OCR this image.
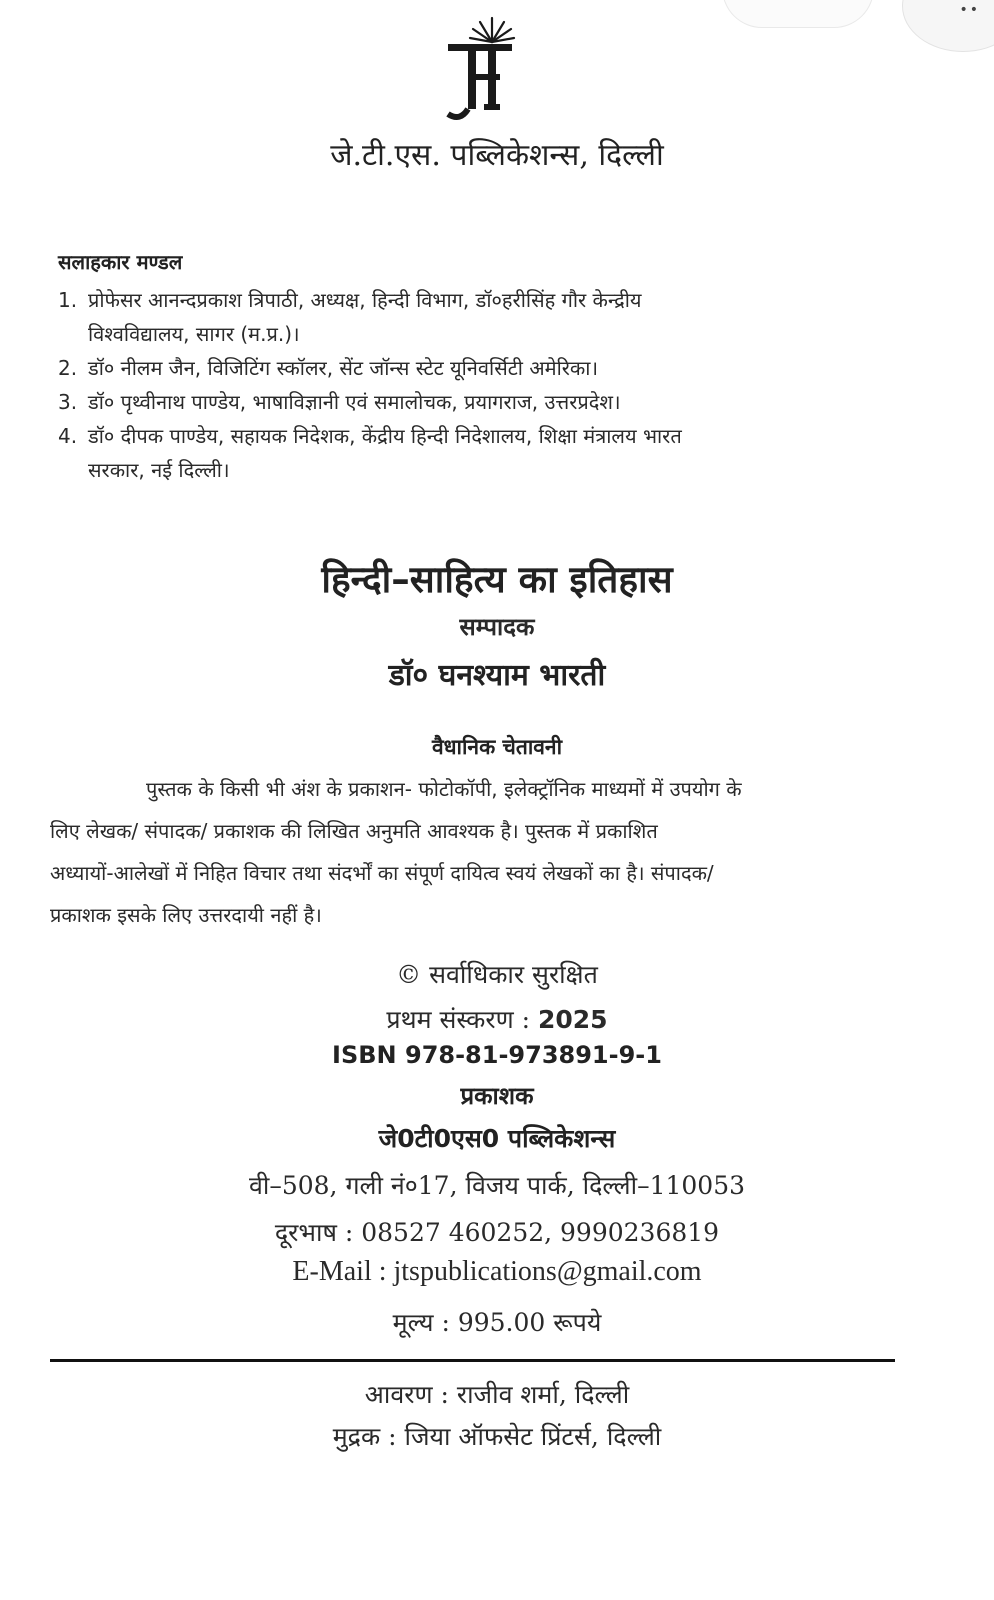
••
जे.टी.एस. पब्लिकेशन्स, दिल्ली
सलाहकार मण्डल
1. प्रोफेसर आनन्दप्रकाश त्रिपाठी, अध्यक्ष, हिन्दी विभाग, डॉ०हरीसिंह गौर केन्द्रीय
विश्वविद्यालय, सागर (म.प्र.)।
2. डॉ० नीलम जैन, विजिटिंग स्कॉलर, सेंट जॉन्स स्टेट यूनिवर्सिटी अमेरिका।
3. डॉ० पृथ्वीनाथ पाण्डेय, भाषाविज्ञानी एवं समालोचक, प्रयागराज, उत्तरप्रदेश।
4. डॉ० दीपक पाण्डेय, सहायक निदेशक, केंद्रीय हिन्दी निदेशालय, शिक्षा मंत्रालय भारत
सरकार, नई दिल्ली।
हिन्दी–साहित्य का इतिहास
सम्पादक
डॉ० घनश्याम भारती
वैधानिक चेतावनी
पुस्तक के किसी भी अंश के प्रकाशन- फोटोकॉपी, इलेक्ट्रॉनिक माध्यमों में उपयोग के
लिए लेखक/ संपादक/ प्रकाशक की लिखित अनुमति आवश्यक है। पुस्तक में प्रकाशित
अध्यायों-आलेखों में निहित विचार तथा संदर्भों का संपूर्ण दायित्व स्वयं लेखकों का है। संपादक/
प्रकाशक इसके लिए उत्तरदायी नहीं है।
© सर्वाधिकार सुरक्षित
प्रथम संस्करण : 2025
ISBN 978-81-973891-9-1
प्रकाशक
जे0टी0एस0 पब्लिकेशन्स
वी–508, गली नं०17, विजय पार्क, दिल्ली–110053
दूरभाष : 08527 460252, 9990236819
E-Mail : jtspublications@gmail.com
मूल्य : 995.00 रूपये
आवरण : राजीव शर्मा, दिल्ली
मुद्रक : जिया ऑफसेट प्रिंटर्स, दिल्ली
